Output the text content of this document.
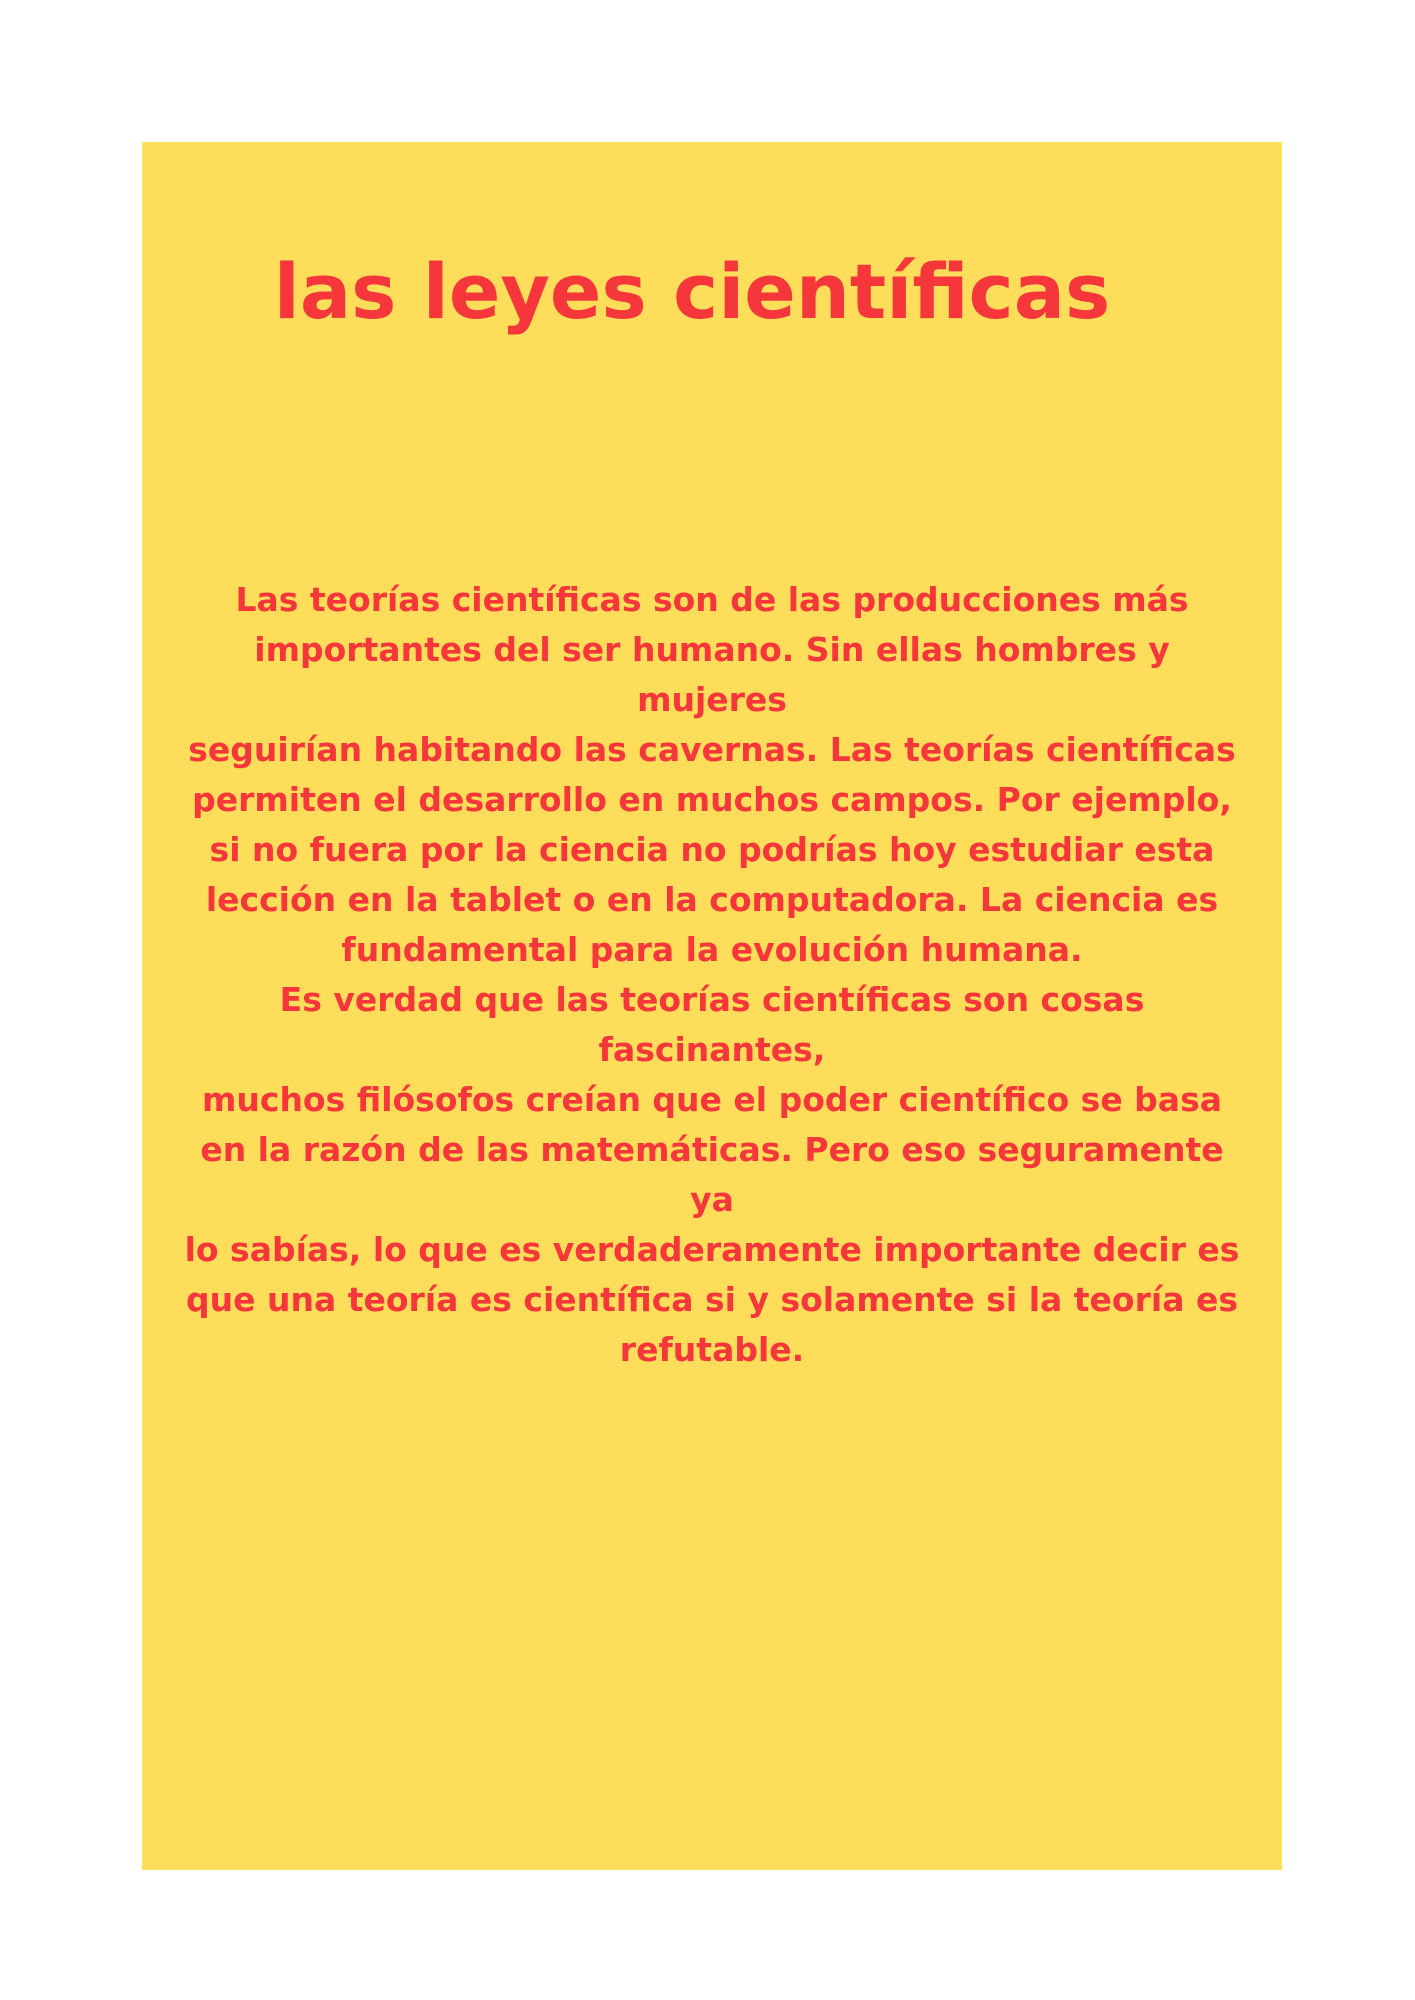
las leyes científicas
Las teorías científicas son de las producciones más
importantes del ser humano. Sin ellas hombres y
mujeres
seguirían habitando las cavernas. Las teorías científicas
permiten el desarrollo en muchos campos. Por ejemplo,
si no fuera por la ciencia no podrías hoy estudiar esta
lección en la tablet o en la computadora. La ciencia es
fundamental para la evolución humana.
Es verdad que las teorías científicas son cosas
fascinantes,
muchos filósofos creían que el poder científico se basa
en la razón de las matemáticas. Pero eso seguramente
ya
lo sabías, lo que es verdaderamente importante decir es
que una teoría es científica si y solamente si la teoría es
refutable.
